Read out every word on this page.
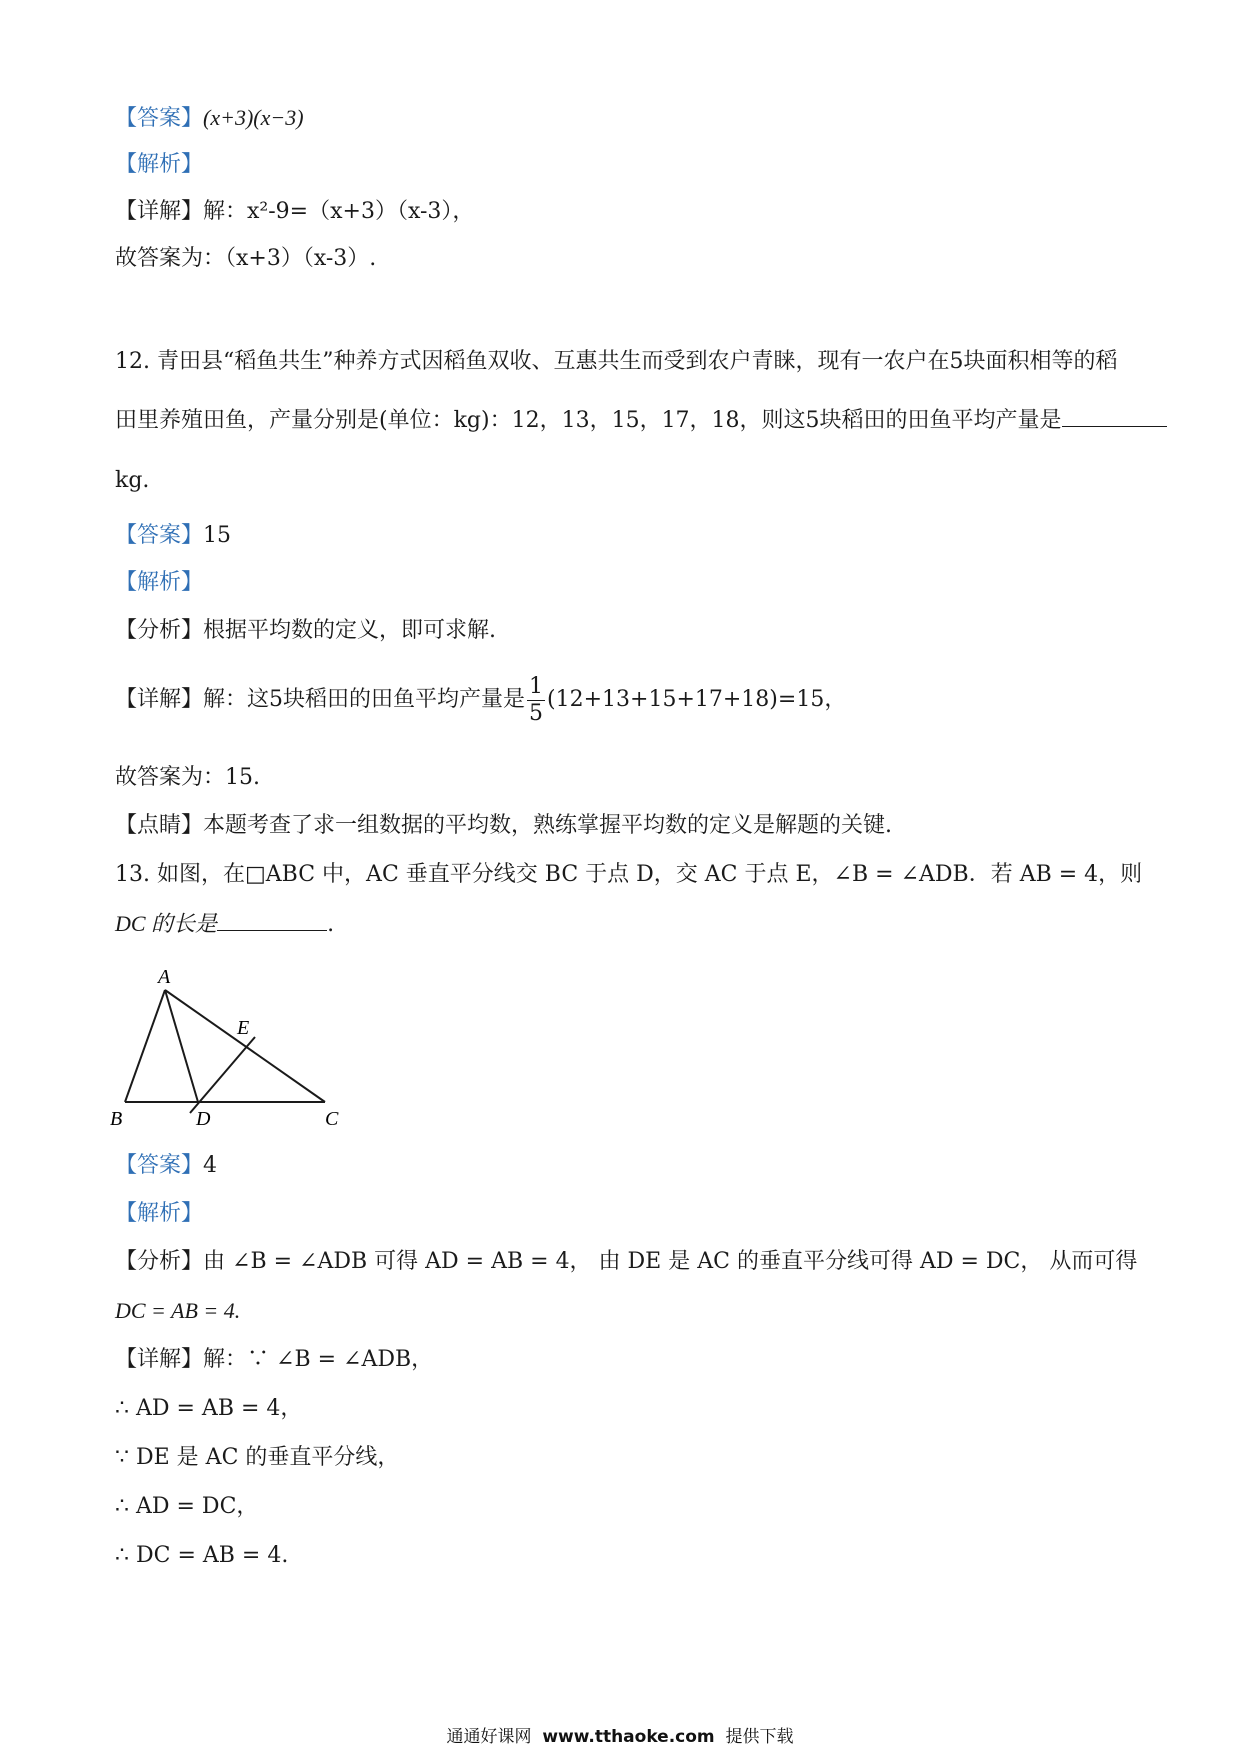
【答案】(x+3)(x−3)
【解析】
【详解】解：x²-9=（x+3）（x-3），
故答案为：（x+3）（x-3）.
12. 青田县“稻鱼共生”种养方式因稻鱼双收、互惠共生而受到农户青睐，现有一农户在5块面积相等的稻
田里养殖田鱼，产量分别是(单位：kg)：12，13，15，17，18，则这5块稻田的田鱼平均产量是
kg.
【答案】15
【解析】
【分析】根据平均数的定义，即可求解.
【详解】解：这5块稻田的田鱼平均产量是 $\frac{1}{5} (12+13+15+17+18)=15$，
故答案为：15.
【点睛】本题考查了求一组数据的平均数，熟练掌握平均数的定义是解题的关键.
13. 如图，在□ABC 中，AC 垂直平分线交 BC 于点 D，交 AC 于点 E，∠B = ∠ADB．若 AB = 4，则
DC 的长是	.
A
B	D	C
E
【答案】4
【解析】
【分析】由 ∠B = ∠ADB 可得 AD = AB = 4， 由 DE 是 AC 的垂直平分线可得 AD = DC， 从而可得
DC = AB = 4.
【详解】解：∵ ∠B = ∠ADB，
∴ AD = AB = 4，
∵ DE 是 AC 的垂直平分线，
∴ AD = DC，
∴ DC = AB = 4.
通通好课网 www.tthaoke.com 提供下载
